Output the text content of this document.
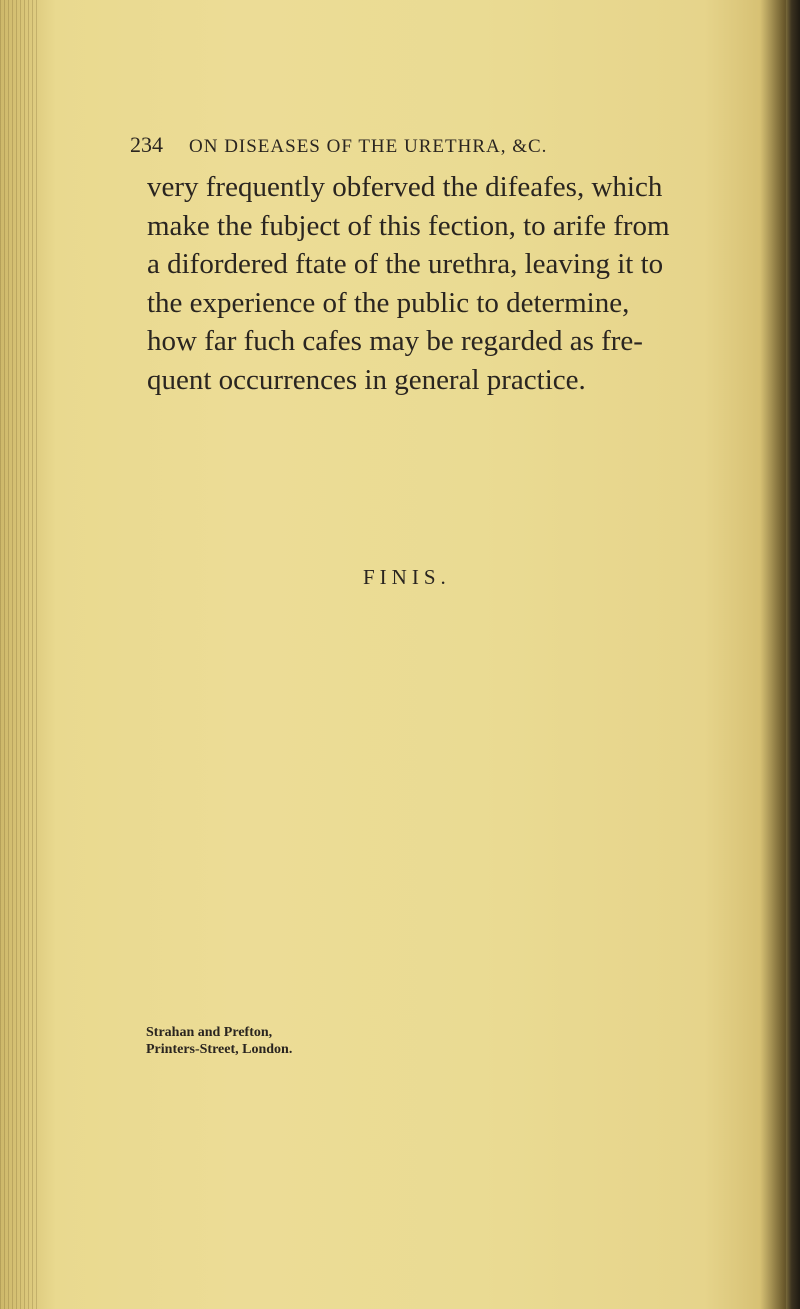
234 ON DISEASES OF THE URETHRA, &C.
very frequently obferved the difeafes, which
make the fubject of this fection, to arife from
a difordered ftate of the urethra, leaving it to
the experience of the public to determine,
how far fuch cafes may be regarded as fre-
quent occurrences in general practice.
FINIS.
Strahan and Prefton,
Printers-Street, London.
